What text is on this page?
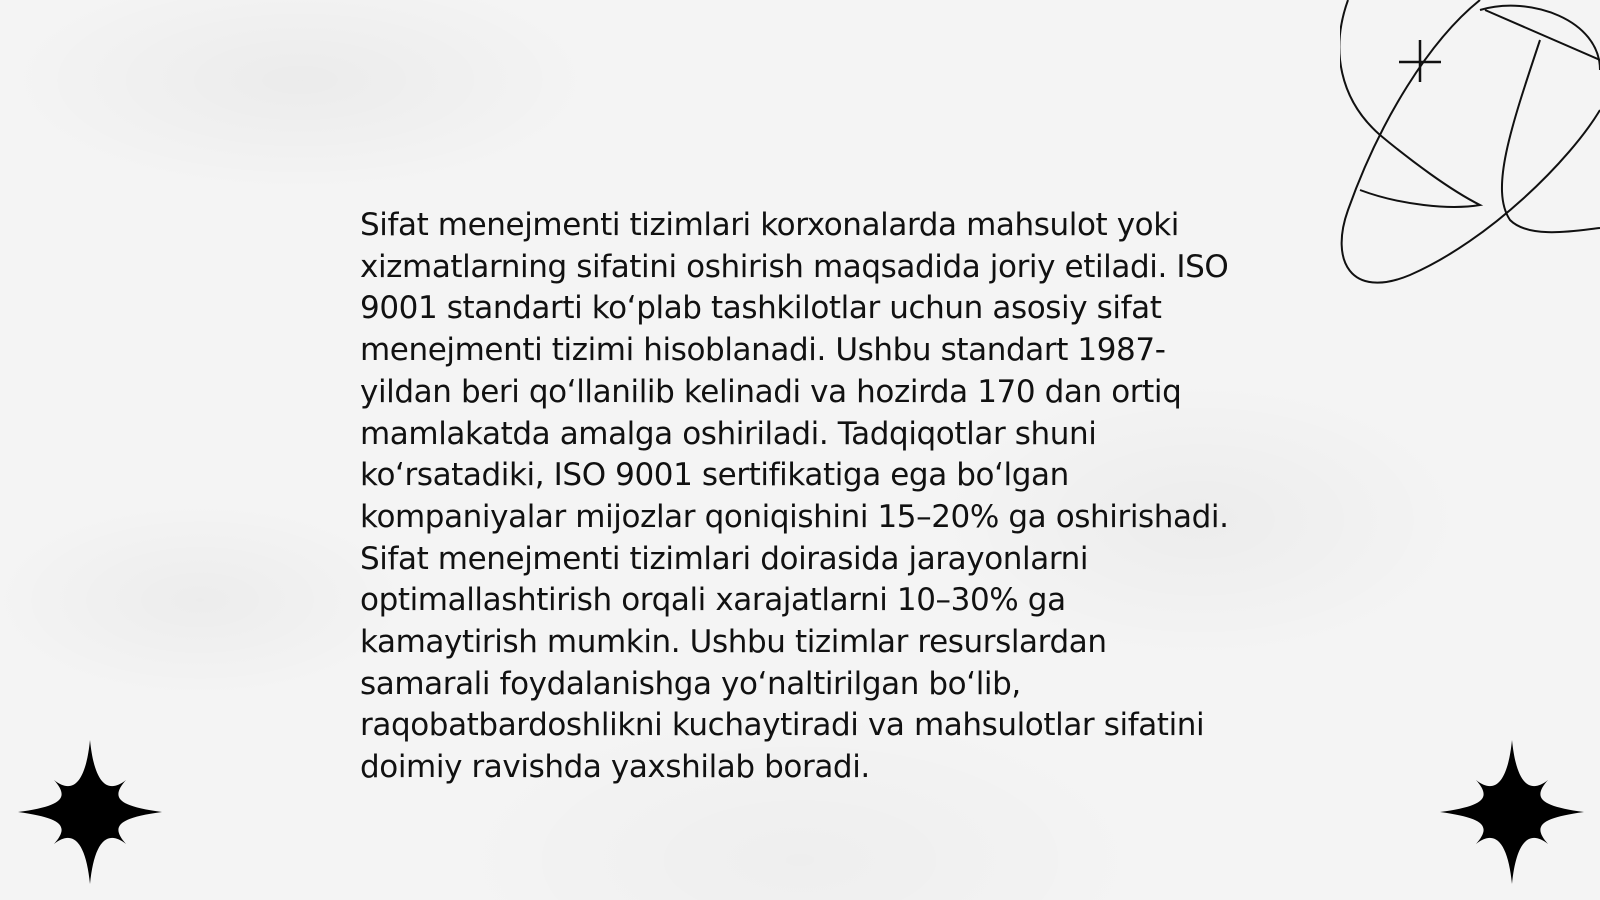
Sifat menejmenti tizimlari korxonalarda mahsulot yoki xizmatlarning sifatini oshirish maqsadida joriy etiladi. ISO 9001 standarti koʻplab tashkilotlar uchun asosiy sifat menejmenti tizimi hisoblanadi. Ushbu standart 1987-yildan beri qoʻllanilib kelinadi va hozirda 170 dan ortiq mamlakatda amalga oshiriladi. Tadqiqotlar shuni koʻrsatadiki, ISO 9001 sertifikatiga ega boʻlgan kompaniyalar mijozlar qoniqishini 15–20% ga oshirishadi. Sifat menejmenti tizimlari doirasida jarayonlarni optimallashtirish orqali xarajatlarni 10–30% ga kamaytirish mumkin. Ushbu tizimlar resurslardan samarali foydalanishga yoʻnaltirilgan boʻlib, raqobatbardoshlikni kuchaytiradi va mahsulotlar sifatini doimiy ravishda yaxshilab boradi.
